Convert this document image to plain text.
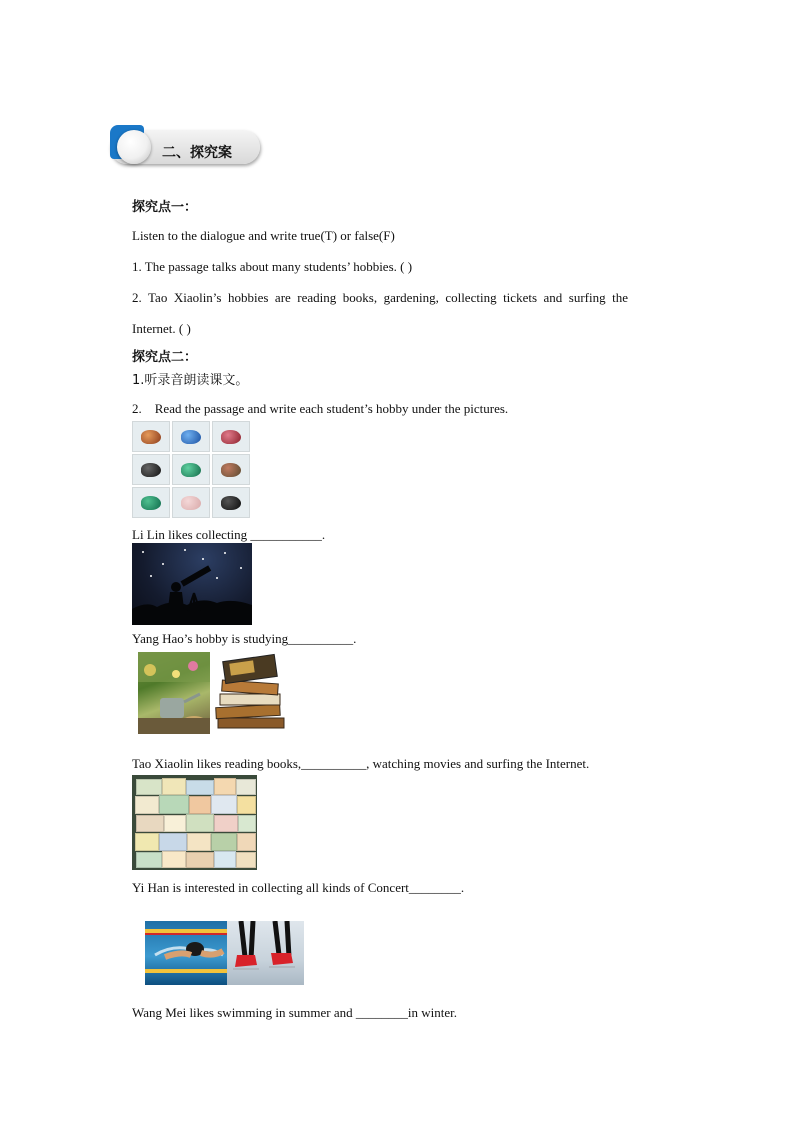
二、探究案
探究点一：
Listen to the dialogue and write true(T) or false(F)
1. The passage talks about many students’ hobbies. ( )
2.  Tao  Xiaolin’s  hobbies  are  reading  books,  gardening,  collecting  tickets  and  surfing  the
Internet. ( )
探究点二：
1.听录音朗读课文。
2.    Read the passage and write each student’s hobby under the pictures.
Li Lin likes collecting ___________.
Yang Hao’s hobby is studying__________.
Tao Xiaolin likes reading books,__________, watching movies and surfing the Internet.
Yi Han is interested in collecting all kinds of Concert________.
Wang Mei likes swimming in summer and ________in winter.
